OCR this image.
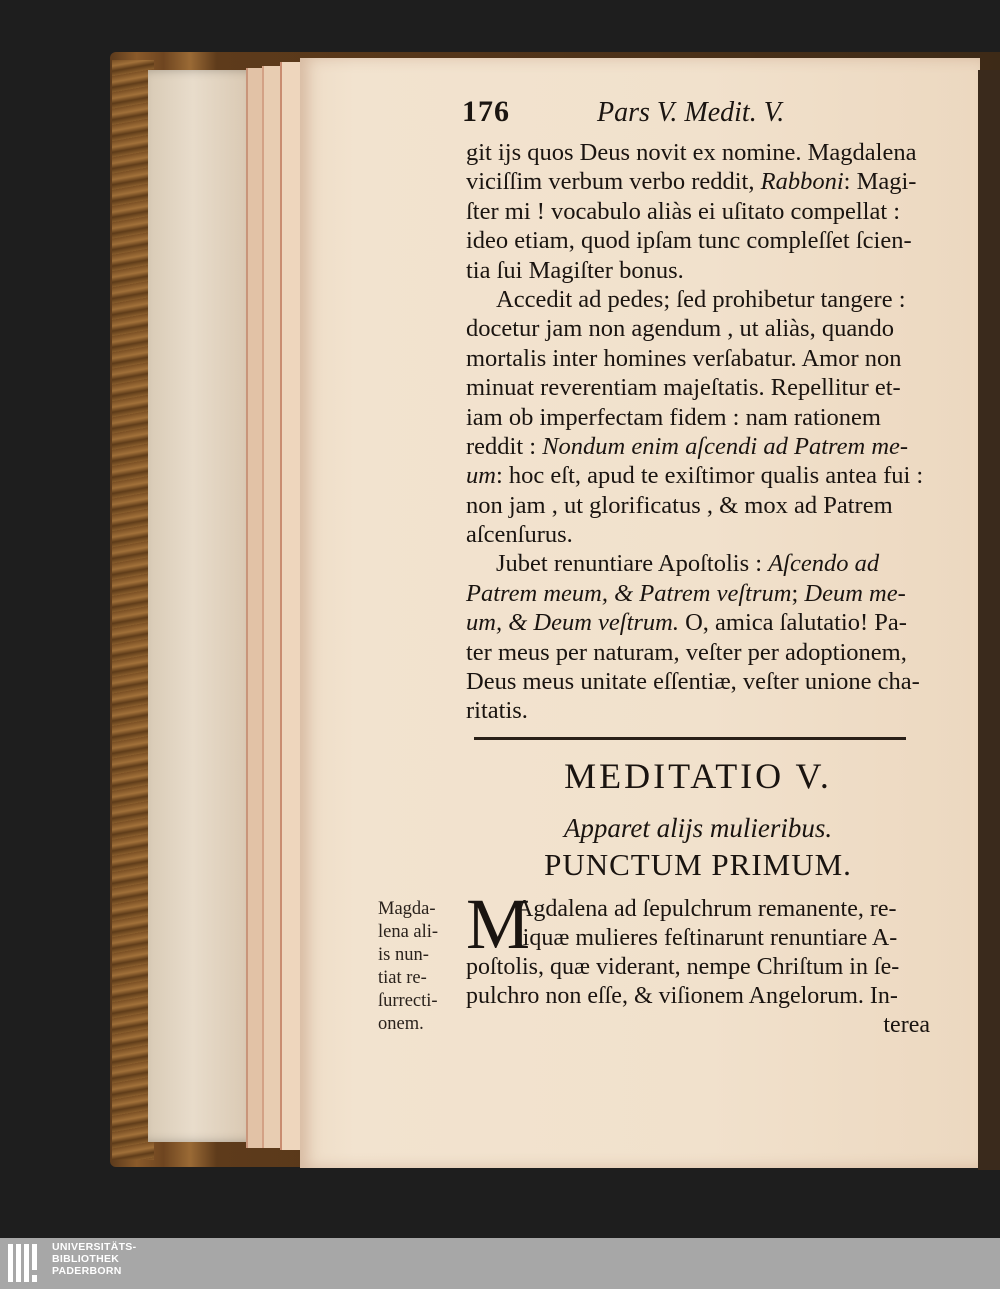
176	Pars V. Medit. V.
git ijs quos Deus novit ex nomine. Magdalena
viciſſim verbum verbo reddit, Rabboni: Magi-
ſter mi ! vocabulo aliàs ei uſitato compellat :
ideo etiam, quod ipſam tunc compleſſet ſcien-
tia ſui Magiſter bonus.
Accedit ad pedes; ſed prohibetur tangere :
docetur jam non agendum , ut aliàs, quando
mortalis inter homines verſabatur. Amor non
minuat reverentiam majeſtatis. Repellitur et-
iam ob imperfectam fidem : nam rationem
reddit : Nondum enim aſcendi ad Patrem me-
um: hoc eſt, apud te exiſtimor qualis antea fui :
non jam , ut glorificatus , & mox ad Patrem
aſcenſurus.
Jubet renuntiare Apoſtolis : Aſcendo ad
Patrem meum, & Patrem veſtrum; Deum me-
um, & Deum veſtrum. O, amica ſalutatio! Pa-
ter meus per naturam, veſter per adoptionem,
Deus meus unitate eſſentiæ, veſter unione cha-
ritatis.
MEDITATIO V.
Apparet alijs mulieribus.
PUNCTUM PRIMUM.
M
Agdalena ad ſepulchrum remanente, re-
liquæ mulieres feſtinarunt renuntiare A-
poſtolis, quæ viderant, nempe Chriſtum in ſe-
pulchro non eſſe, & viſionem Angelorum. In-
terea
Magda-
lena ali-
is nun-
tiat re-
ſurrecti-
onem.
UNIVERSITÄTS-
BIBLIOTHEK
PADERBORN
